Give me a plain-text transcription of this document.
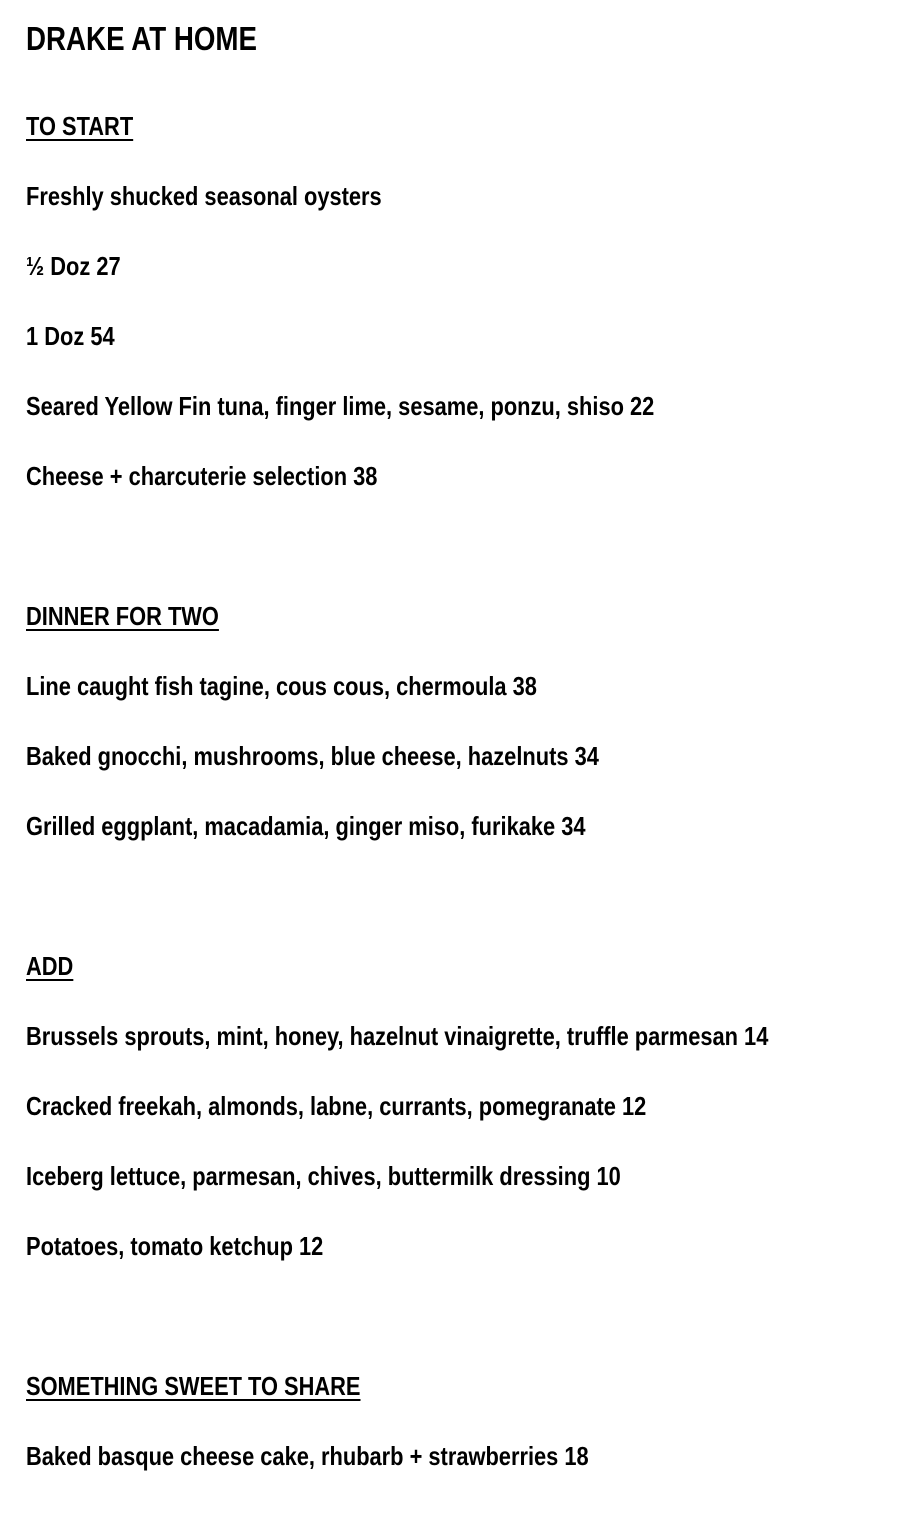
DRAKE AT HOME
TO START
Freshly shucked seasonal oysters
½ Doz 27
1 Doz 54
Seared Yellow Fin tuna, finger lime, sesame, ponzu, shiso 22
Cheese + charcuterie selection 38
DINNER FOR TWO
Line caught fish tagine, cous cous, chermoula 38
Baked gnocchi, mushrooms, blue cheese, hazelnuts 34
Grilled eggplant, macadamia, ginger miso, furikake 34
ADD
Brussels sprouts, mint, honey, hazelnut vinaigrette, truffle parmesan 14
Cracked freekah, almonds, labne, currants, pomegranate 12
Iceberg lettuce, parmesan, chives, buttermilk dressing 10
Potatoes, tomato ketchup 12
SOMETHING SWEET TO SHARE
Baked basque cheese cake, rhubarb + strawberries 18
